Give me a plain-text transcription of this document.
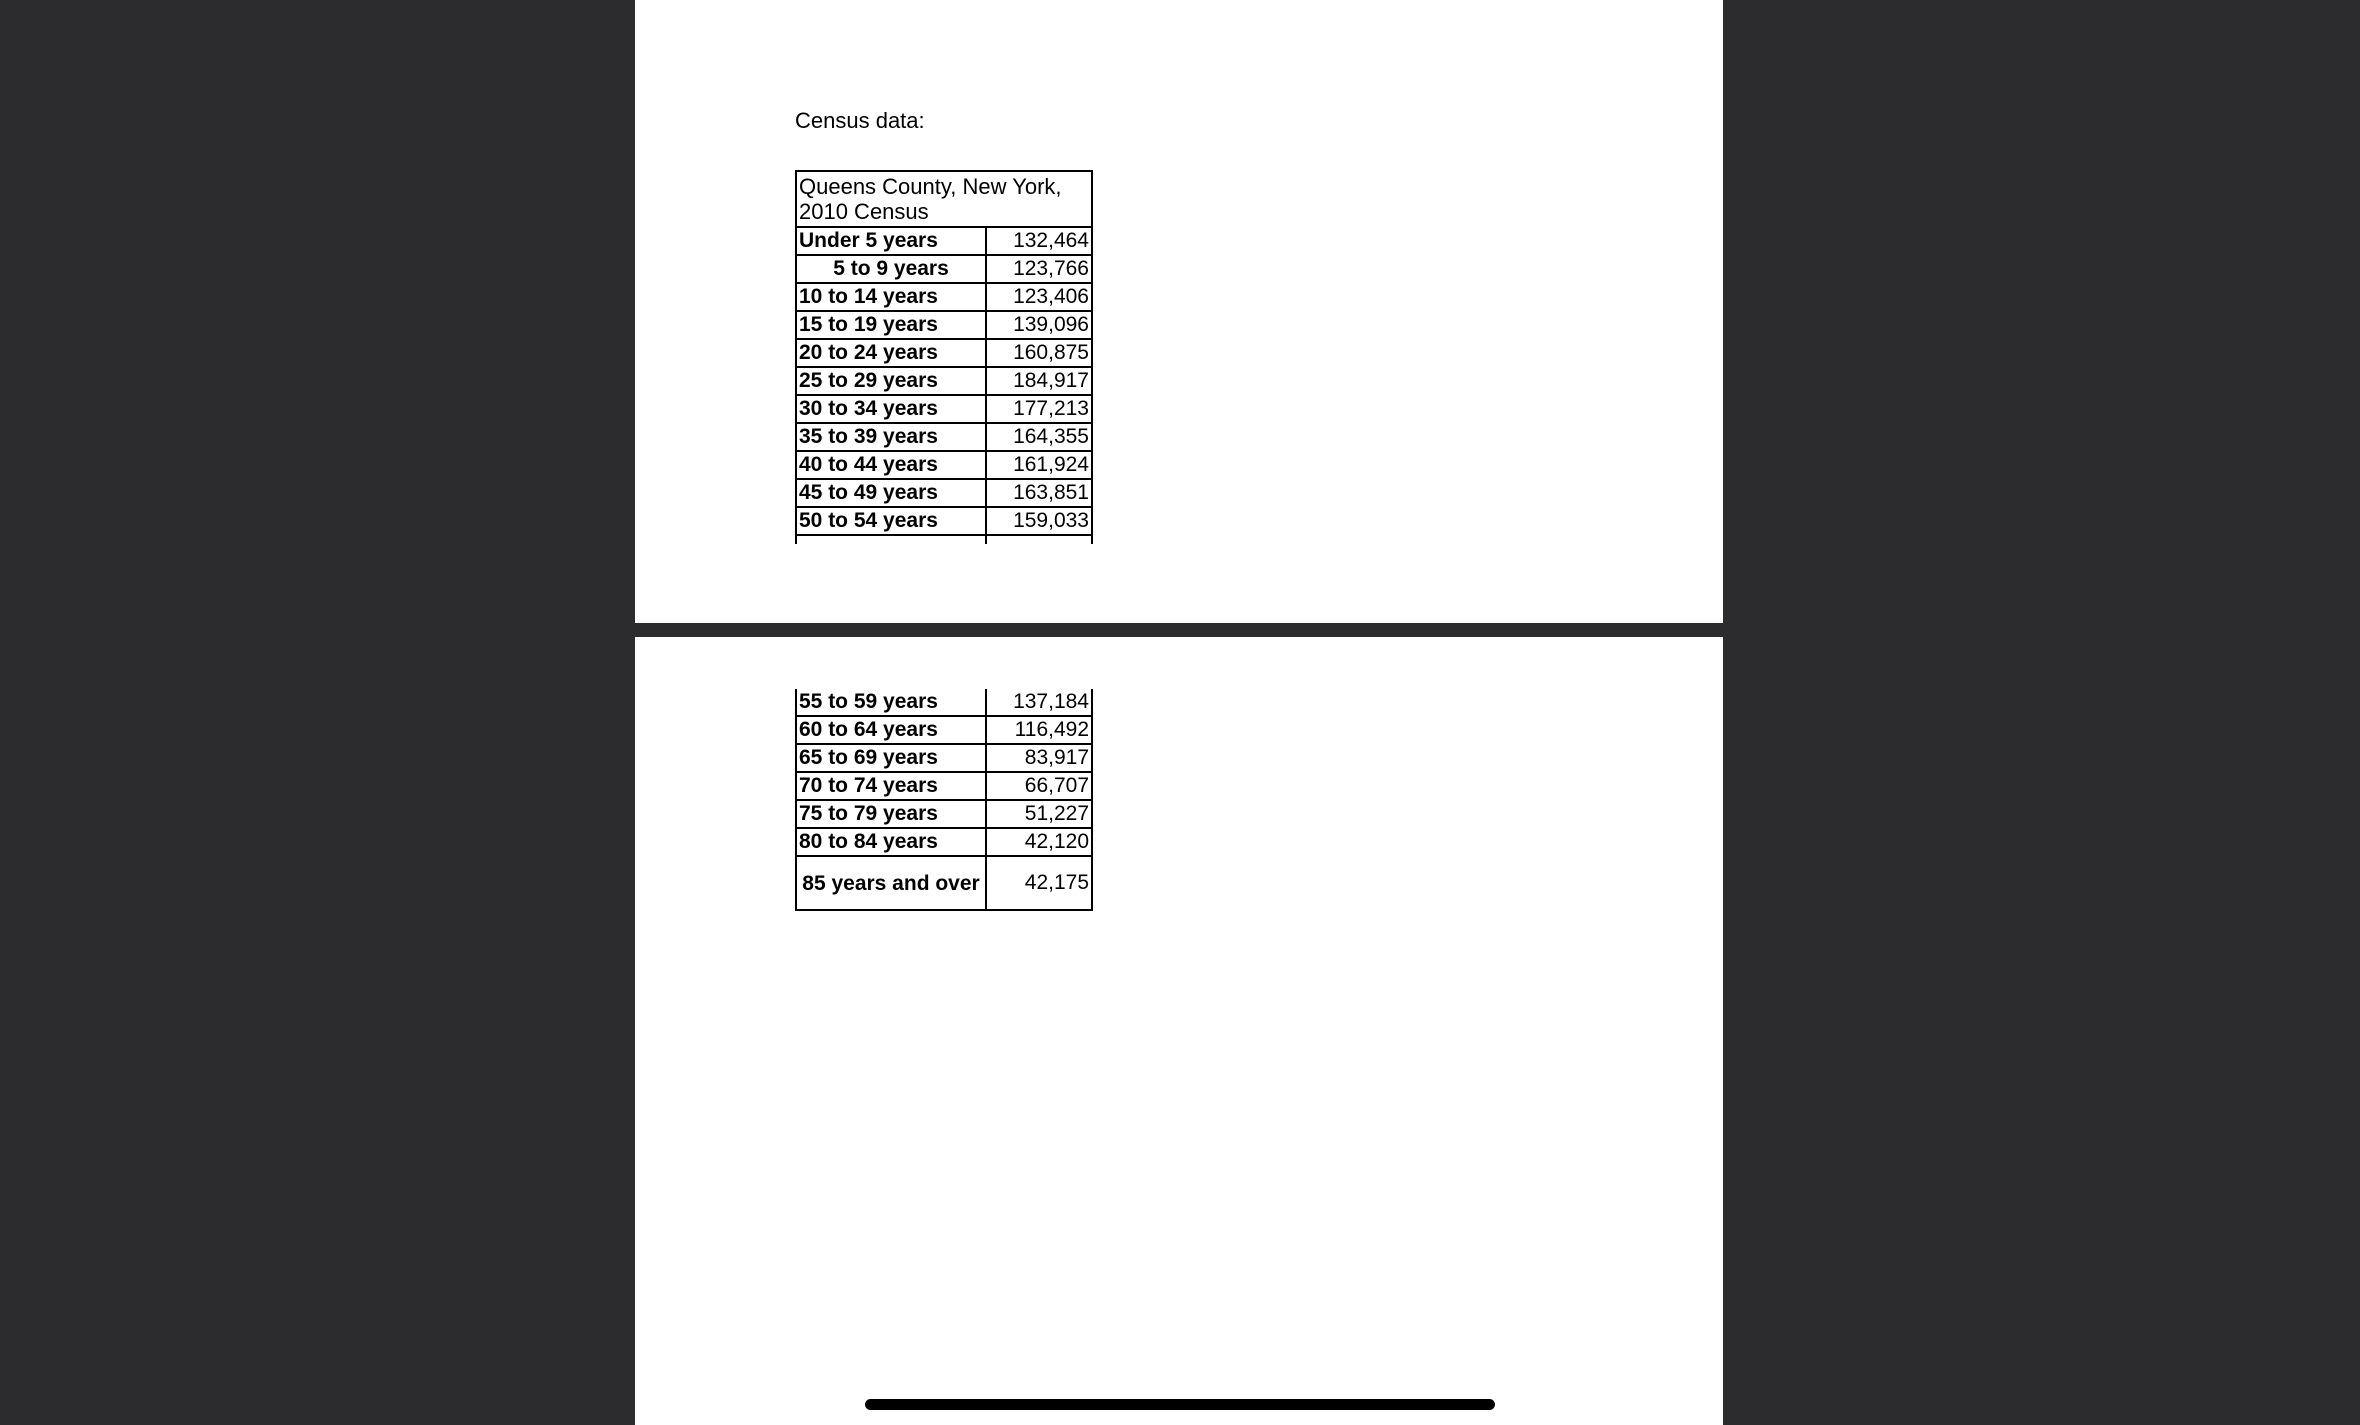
Census data:
Queens County, New York, 2010 Census	
Under 5 years	132,464
5 to 9 years	123,766
10 to 14 years	123,406
15 to 19 years	139,096
20 to 24 years	160,875
25 to 29 years	184,917
30 to 34 years	177,213
35 to 39 years	164,355
40 to 44 years	161,924
45 to 49 years	163,851
50 to 54 years	159,033

55 to 59 years	137,184
60 to 64 years	116,492
65 to 69 years	83,917
70 to 74 years	66,707
75 to 79 years	51,227
80 to 84 years	42,120
85 years and over	42,175
